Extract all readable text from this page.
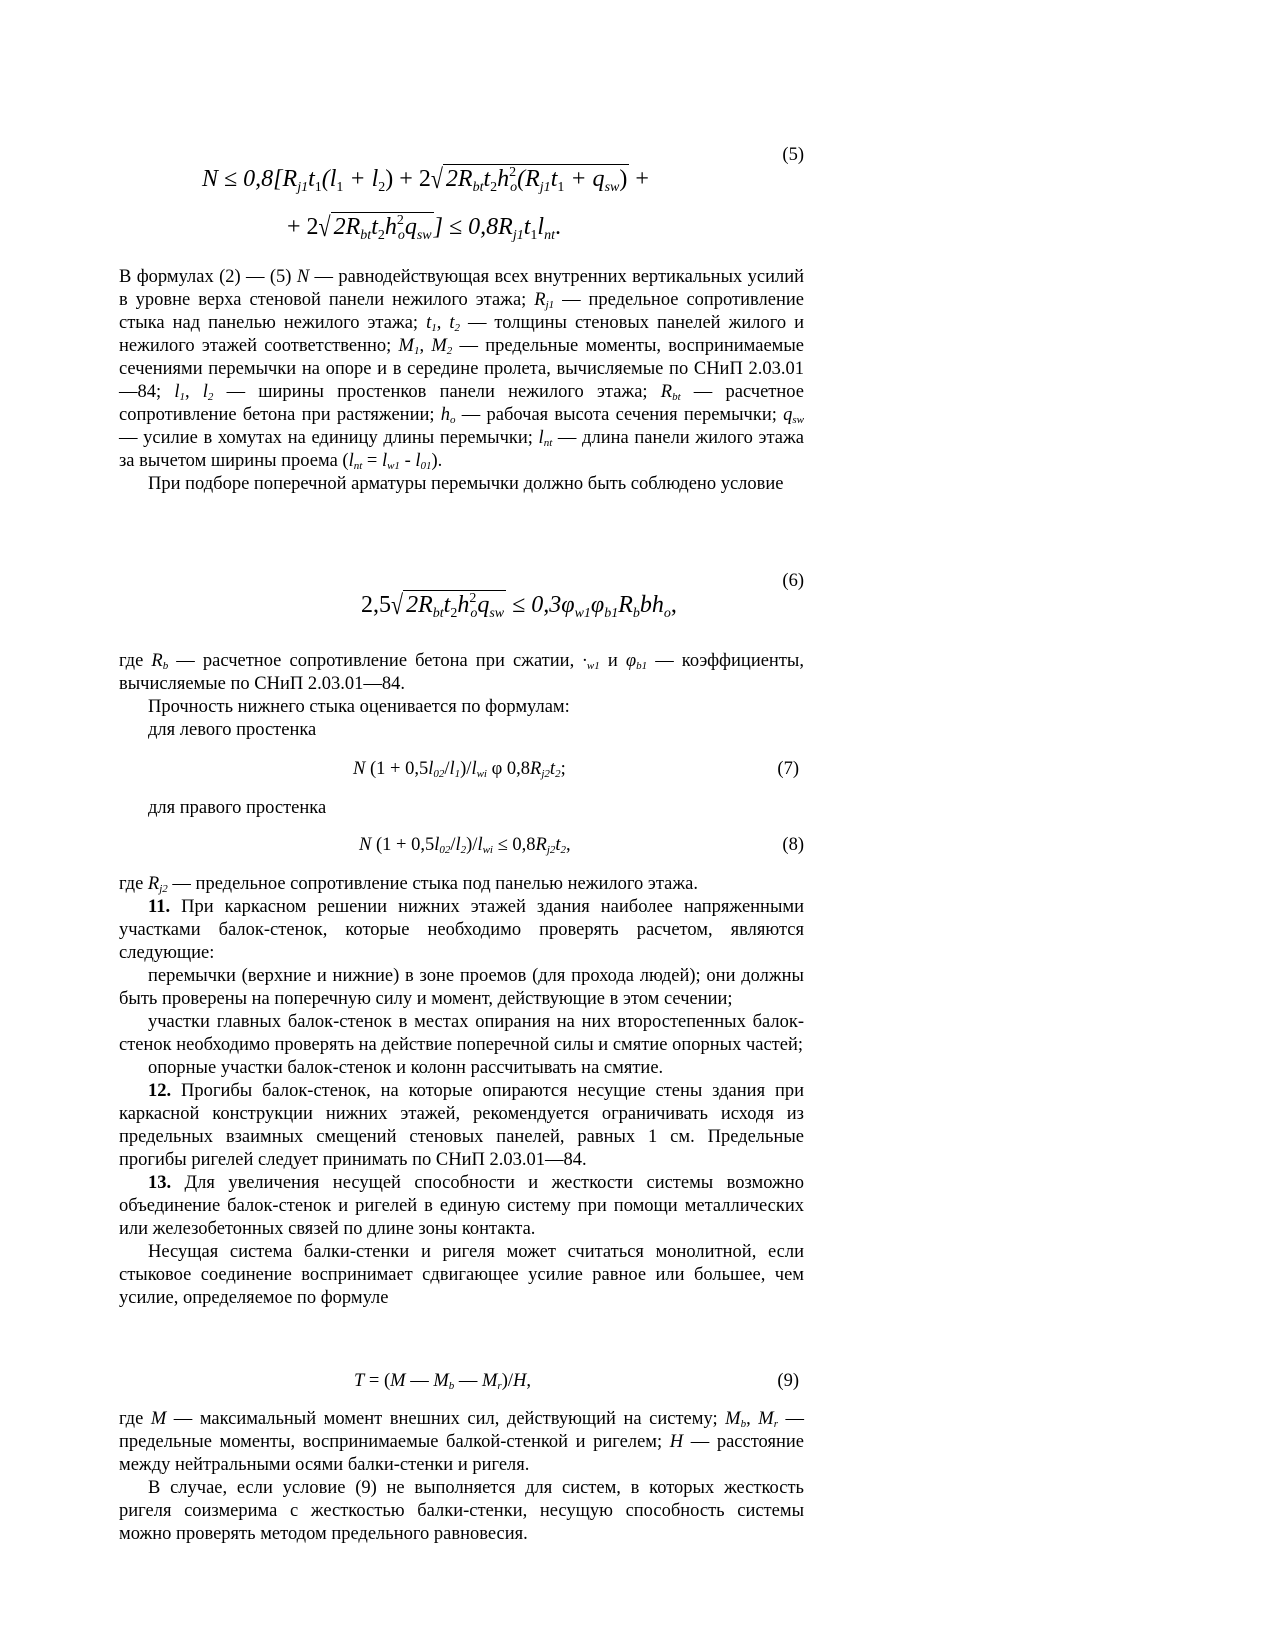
(5)
$N \le 0,8[R_{j1}t_1(l_1 + l_2) + 2√$ $2R_{bt}t_2h^2_o(R_{j1}t_1 + q_{sw})$ +
+ 2√ $2R_{bt}t_2h^2_oq_{sw}] \le 0,8R_{j1}t_1l_{nt}$.

В формулах (2) — (5) N — равнодействующая всех внутренних вертикальных усилий в уровне верха стеновой панели нежилого этажа; $R_{j1}$ — предельное сопротивление стыка над панелью нежилого этажа; $t_1$, $t_2$ — толщины стеновых панелей жилого и нежилого этажей соответственно; $M_1$, $M_2$ — предельные моменты, воспринимаемые сечениями перемычки на опоре и в середине пролета, вычисляемые по СНиП 2.03.01—84; $l_1$, $l_2$ — ширины простенков панели нежилого этажа; $R_{bt}$ — расчетное сопротивление бетона при растяжении; $h_o$ — рабочая высота сечения перемычки; $q_{sw}$ — усилие в хомутах на единицу длины перемычки; $l_{nt}$ — длина панели жилого этажа за вычетом ширины проема $(l_{nt} = l_{w1} - l_{01})$.

При подборе поперечной арматуры перемычки должно быть соблюдено условие

(6)
2,5√ $2R_{bt}t_2h^2_oq_{sw} \le 0,3\varphi_{w1}\varphi_{b1}R_bbh_o$,

где $R_b$ — расчетное сопротивление бетона при сжатии, $\cdot_{w1}$ и $\varphi_{b1}$ — коэффициенты, вычисляемые по СНиП 2.03.01—84.

Прочность нижнего стыка оценивается по формулам:

для левого простенка

N $(1 + 0,5l_{02}/l_1)/l_{wi}$ φ $0,8R_{j2}t_2$;	(7)

для правого простенка

N $(1 + 0,5l_{02}/l_2)/l_{wi} \le 0,8R_{j2}t_2$,	(8)

где $R_{j2}$ — предельное сопротивление стыка под панелью нежилого этажа.

11. При каркасном решении нижних этажей здания наиболее напряженными участками балок-стенок, которые необходимо проверять расчетом, являются следующие:

перемычки (верхние и нижние) в зоне проемов (для прохода людей); они должны быть проверены на поперечную силу и момент, действующие в этом сечении;

участки главных балок-стенок в местах опирания на них второстепенных балок-стенок необходимо проверять на действие поперечной силы и смятие опорных частей;

опорные участки балок-стенок и колонн рассчитывать на смятие.

12. Прогибы балок-стенок, на которые опираются несущие стены здания при каркасной конструкции нижних этажей, рекомендуется ограничивать исходя из предельных взаимных смещений стеновых панелей, равных 1 см. Предельные прогибы ригелей следует принимать по СНиП 2.03.01—84.

13. Для увеличения несущей способности и жесткости системы возможно объединение балок-стенок и ригелей в единую систему при помощи металлических или железобетонных связей по длине зоны контакта.

Несущая система балки-стенки и ригеля может считаться монолитной, если стыковое соединение воспринимает сдвигающее усилие равное или большее, чем усилие, определяемое по формуле

T = (M — $M_b$ — $M_r)/H$,	(9)

где M — максимальный момент внешних сил, действующий на систему; $M_b$, $M_r$ — предельные моменты, воспринимаемые балкой-стенкой и ригелем; H — расстояние между нейтральными осями балки-стенки и ригеля.

В случае, если условие (9) не выполняется для систем, в которых жесткость ригеля соизмерима с жесткостью балки-стенки, несущую способность системы можно проверять методом предельного равновесия.
